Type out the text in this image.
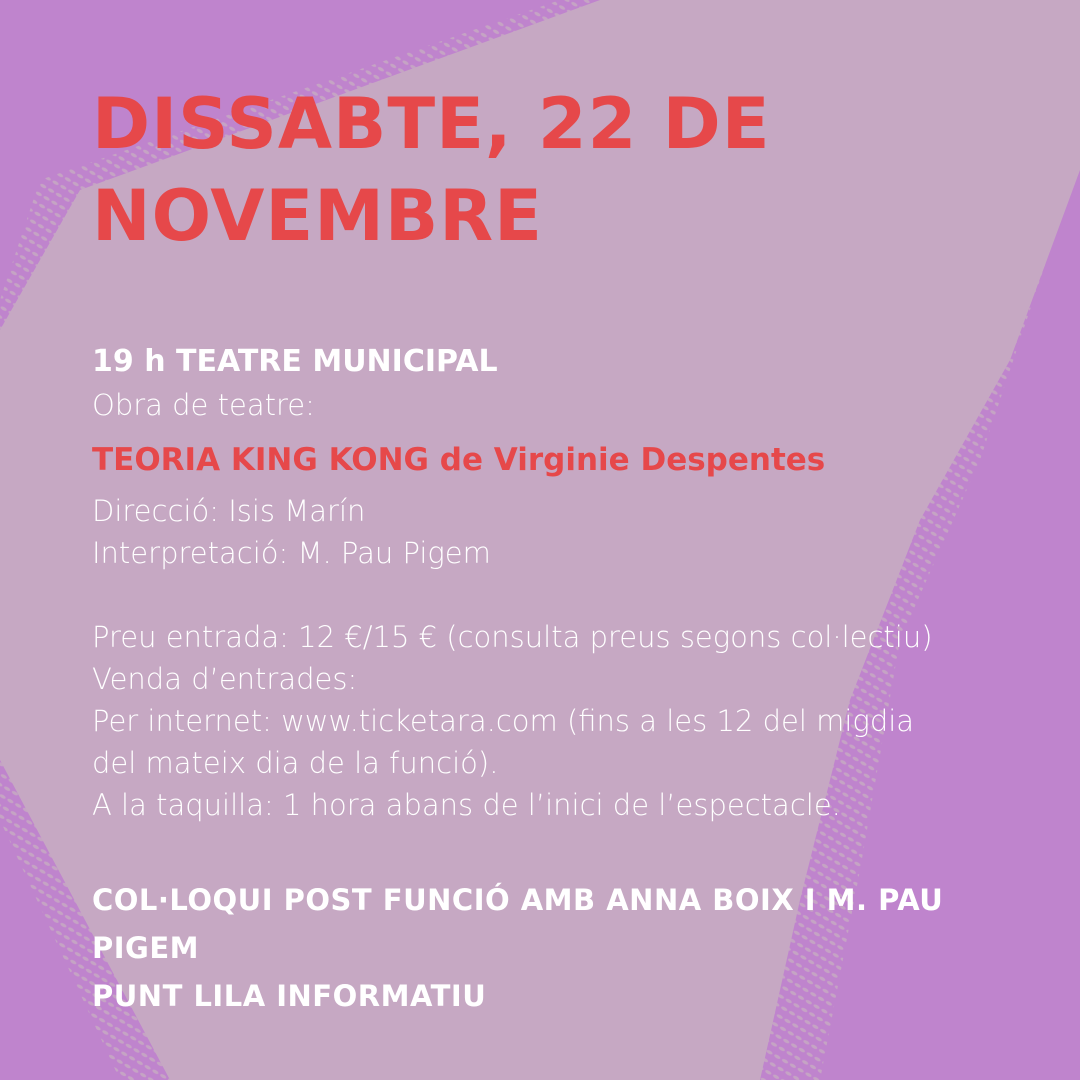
DISSABTE, 22 DE
NOVEMBRE
19 h TEATRE MUNICIPAL
Obra de teatre:
TEORIA KING KONG de Virginie Despentes
Direcció: Isis Marín
Interpretació: M. Pau Pigem
Preu entrada: 12 €/15 € (consulta preus segons col·lectiu)
Venda d’entrades:
Per internet: www.ticketara.com (fins a les 12 del migdia
del mateix dia de la funció).
A la taquilla: 1 hora abans de l’inici de l’espectacle.
COL·LOQUI POST FUNCIÓ AMB ANNA BOIX I M. PAU
PIGEM
PUNT LILA INFORMATIU
